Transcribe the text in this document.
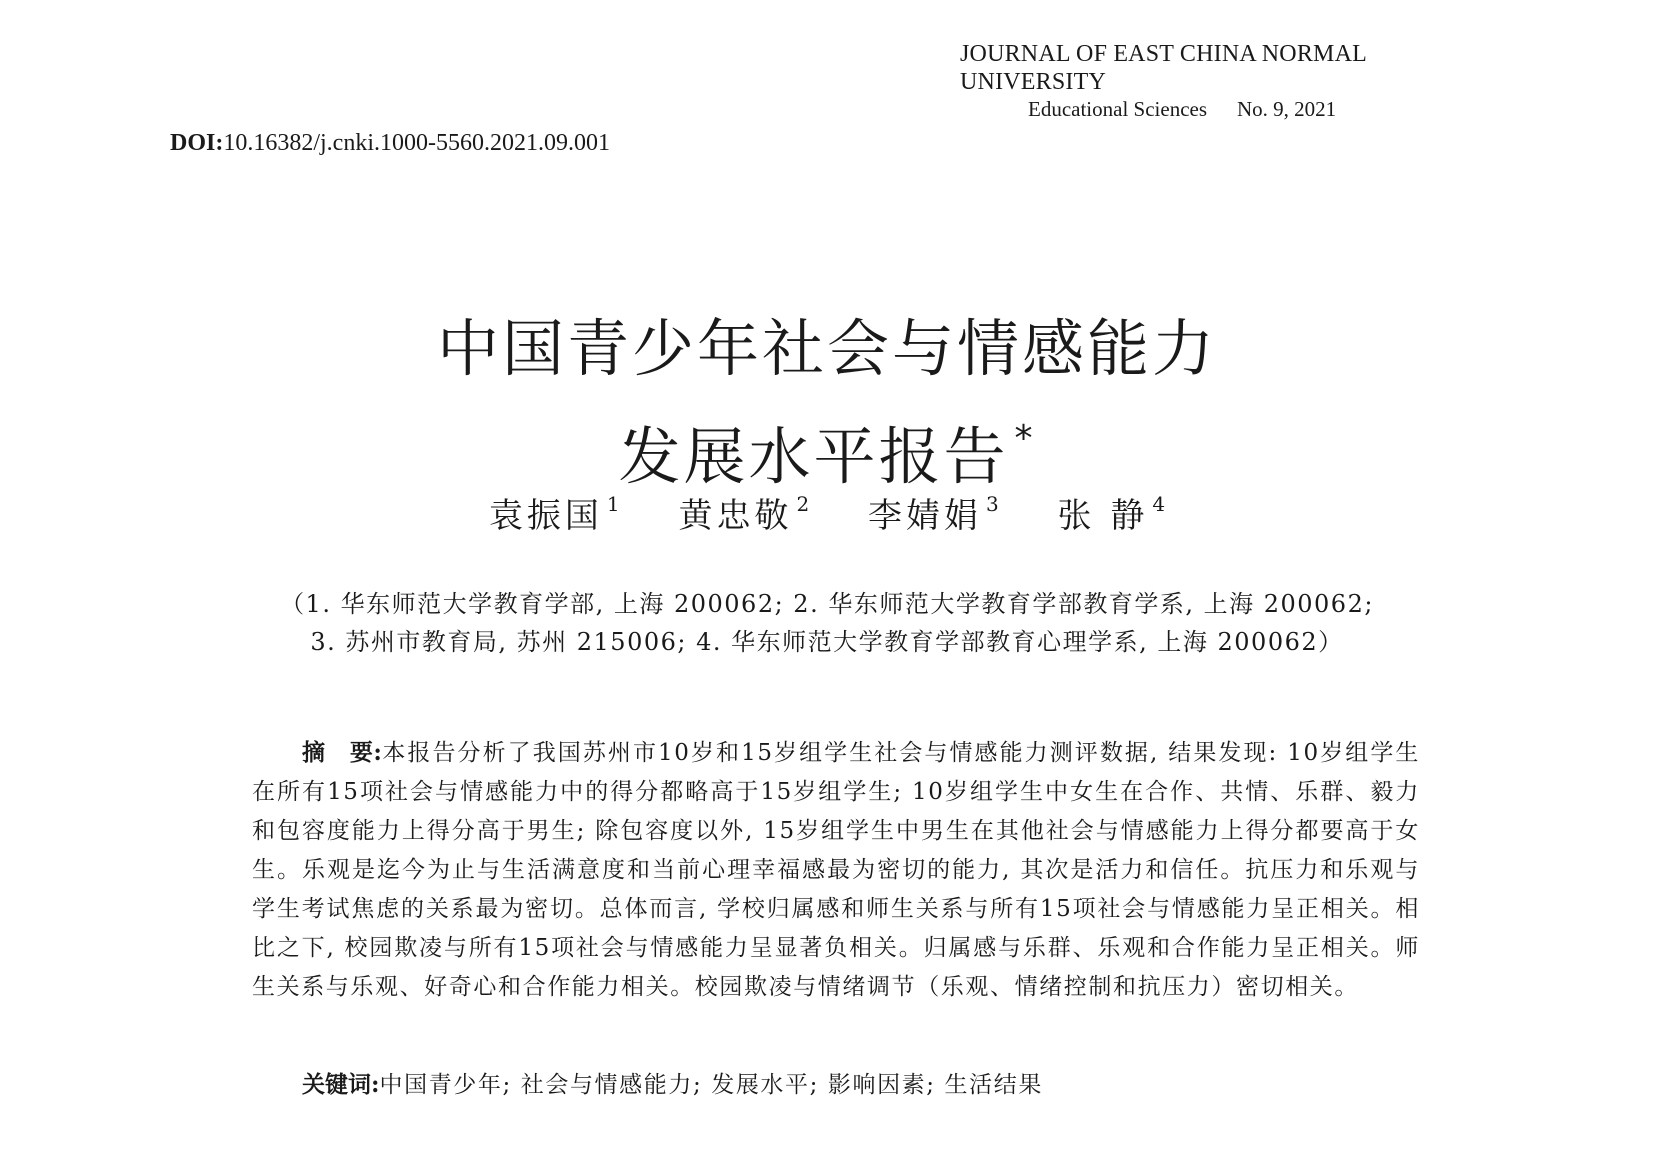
JOURNAL OF EAST CHINA NORMAL UNIVERSITY
Educational Sciences No. 9, 2021
DOI:10.16382/j.cnki.1000-5560.2021.09.001
中国青少年社会与情感能力
发展水平报告 *
袁振国 $^1$ 黄忠敬 $^2$ 李婧娟 $^3$ 张 静 $^4$
（1. 华东师范大学教育学部, 上海 200062; 2. 华东师范大学教育学部教育学系, 上海 200062;
3. 苏州市教育局, 苏州 215006; 4. 华东师范大学教育学部教育心理学系, 上海 200062）
摘 要:本报告分析了我国苏州市10岁和15岁组学生社会与情感能力测评数据, 结果发现: 10岁组学生在所有15项社会与情感能力中的得分都略高于15岁组学生; 10岁组学生中女生在合作、共情、乐群、毅力和包容度能力上得分高于男生; 除包容度以外, 15岁组学生中男生在其他社会与情感能力上得分都要高于女生。乐观是迄今为止与生活满意度和当前心理幸福感最为密切的能力, 其次是活力和信任。抗压力和乐观与学生考试焦虑的关系最为密切。总体而言, 学校归属感和师生关系与所有15项社会与情感能力呈正相关。相比之下, 校园欺凌与所有15项社会与情感能力呈显著负相关。归属感与乐群、乐观和合作能力呈正相关。师生关系与乐观、好奇心和合作能力相关。校园欺凌与情绪调节（乐观、情绪控制和抗压力）密切相关。
关键词:中国青少年; 社会与情感能力; 发展水平; 影响因素; 生活结果
